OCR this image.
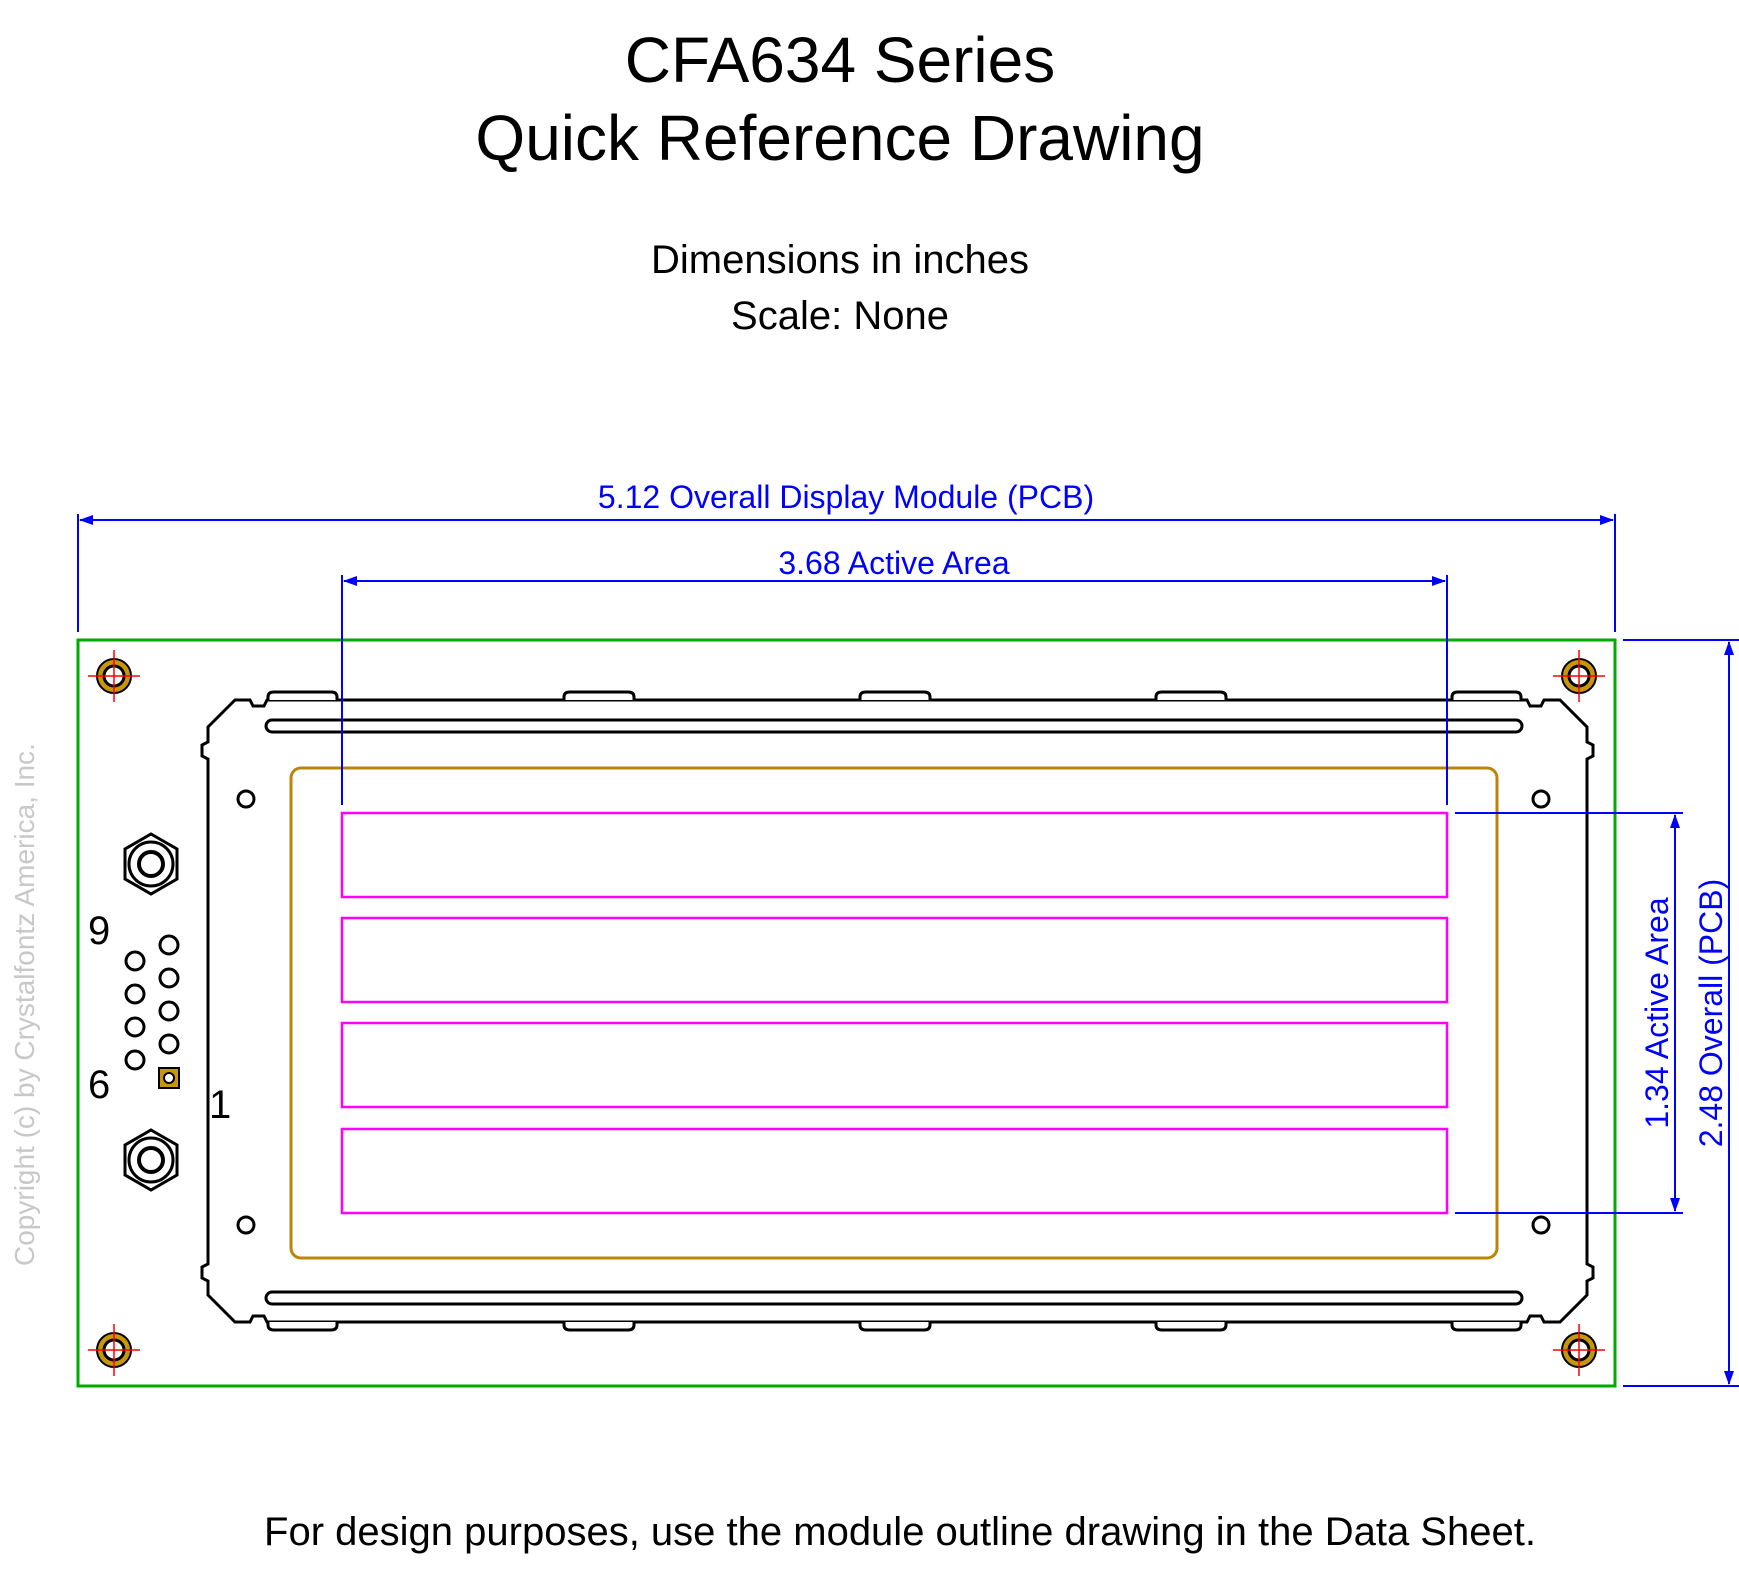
CFA634 Series
Quick Reference Drawing
Dimensions in inches
Scale: None
Copyright (c) by Crystalfontz America, Inc. 9
6 1
5.12 Overall Display Module (PCB)
3.68 Active Area
1.34 Active Area 2.48 Overall (PCB)
For design purposes, use the module outline drawing in the Data Sheet.
